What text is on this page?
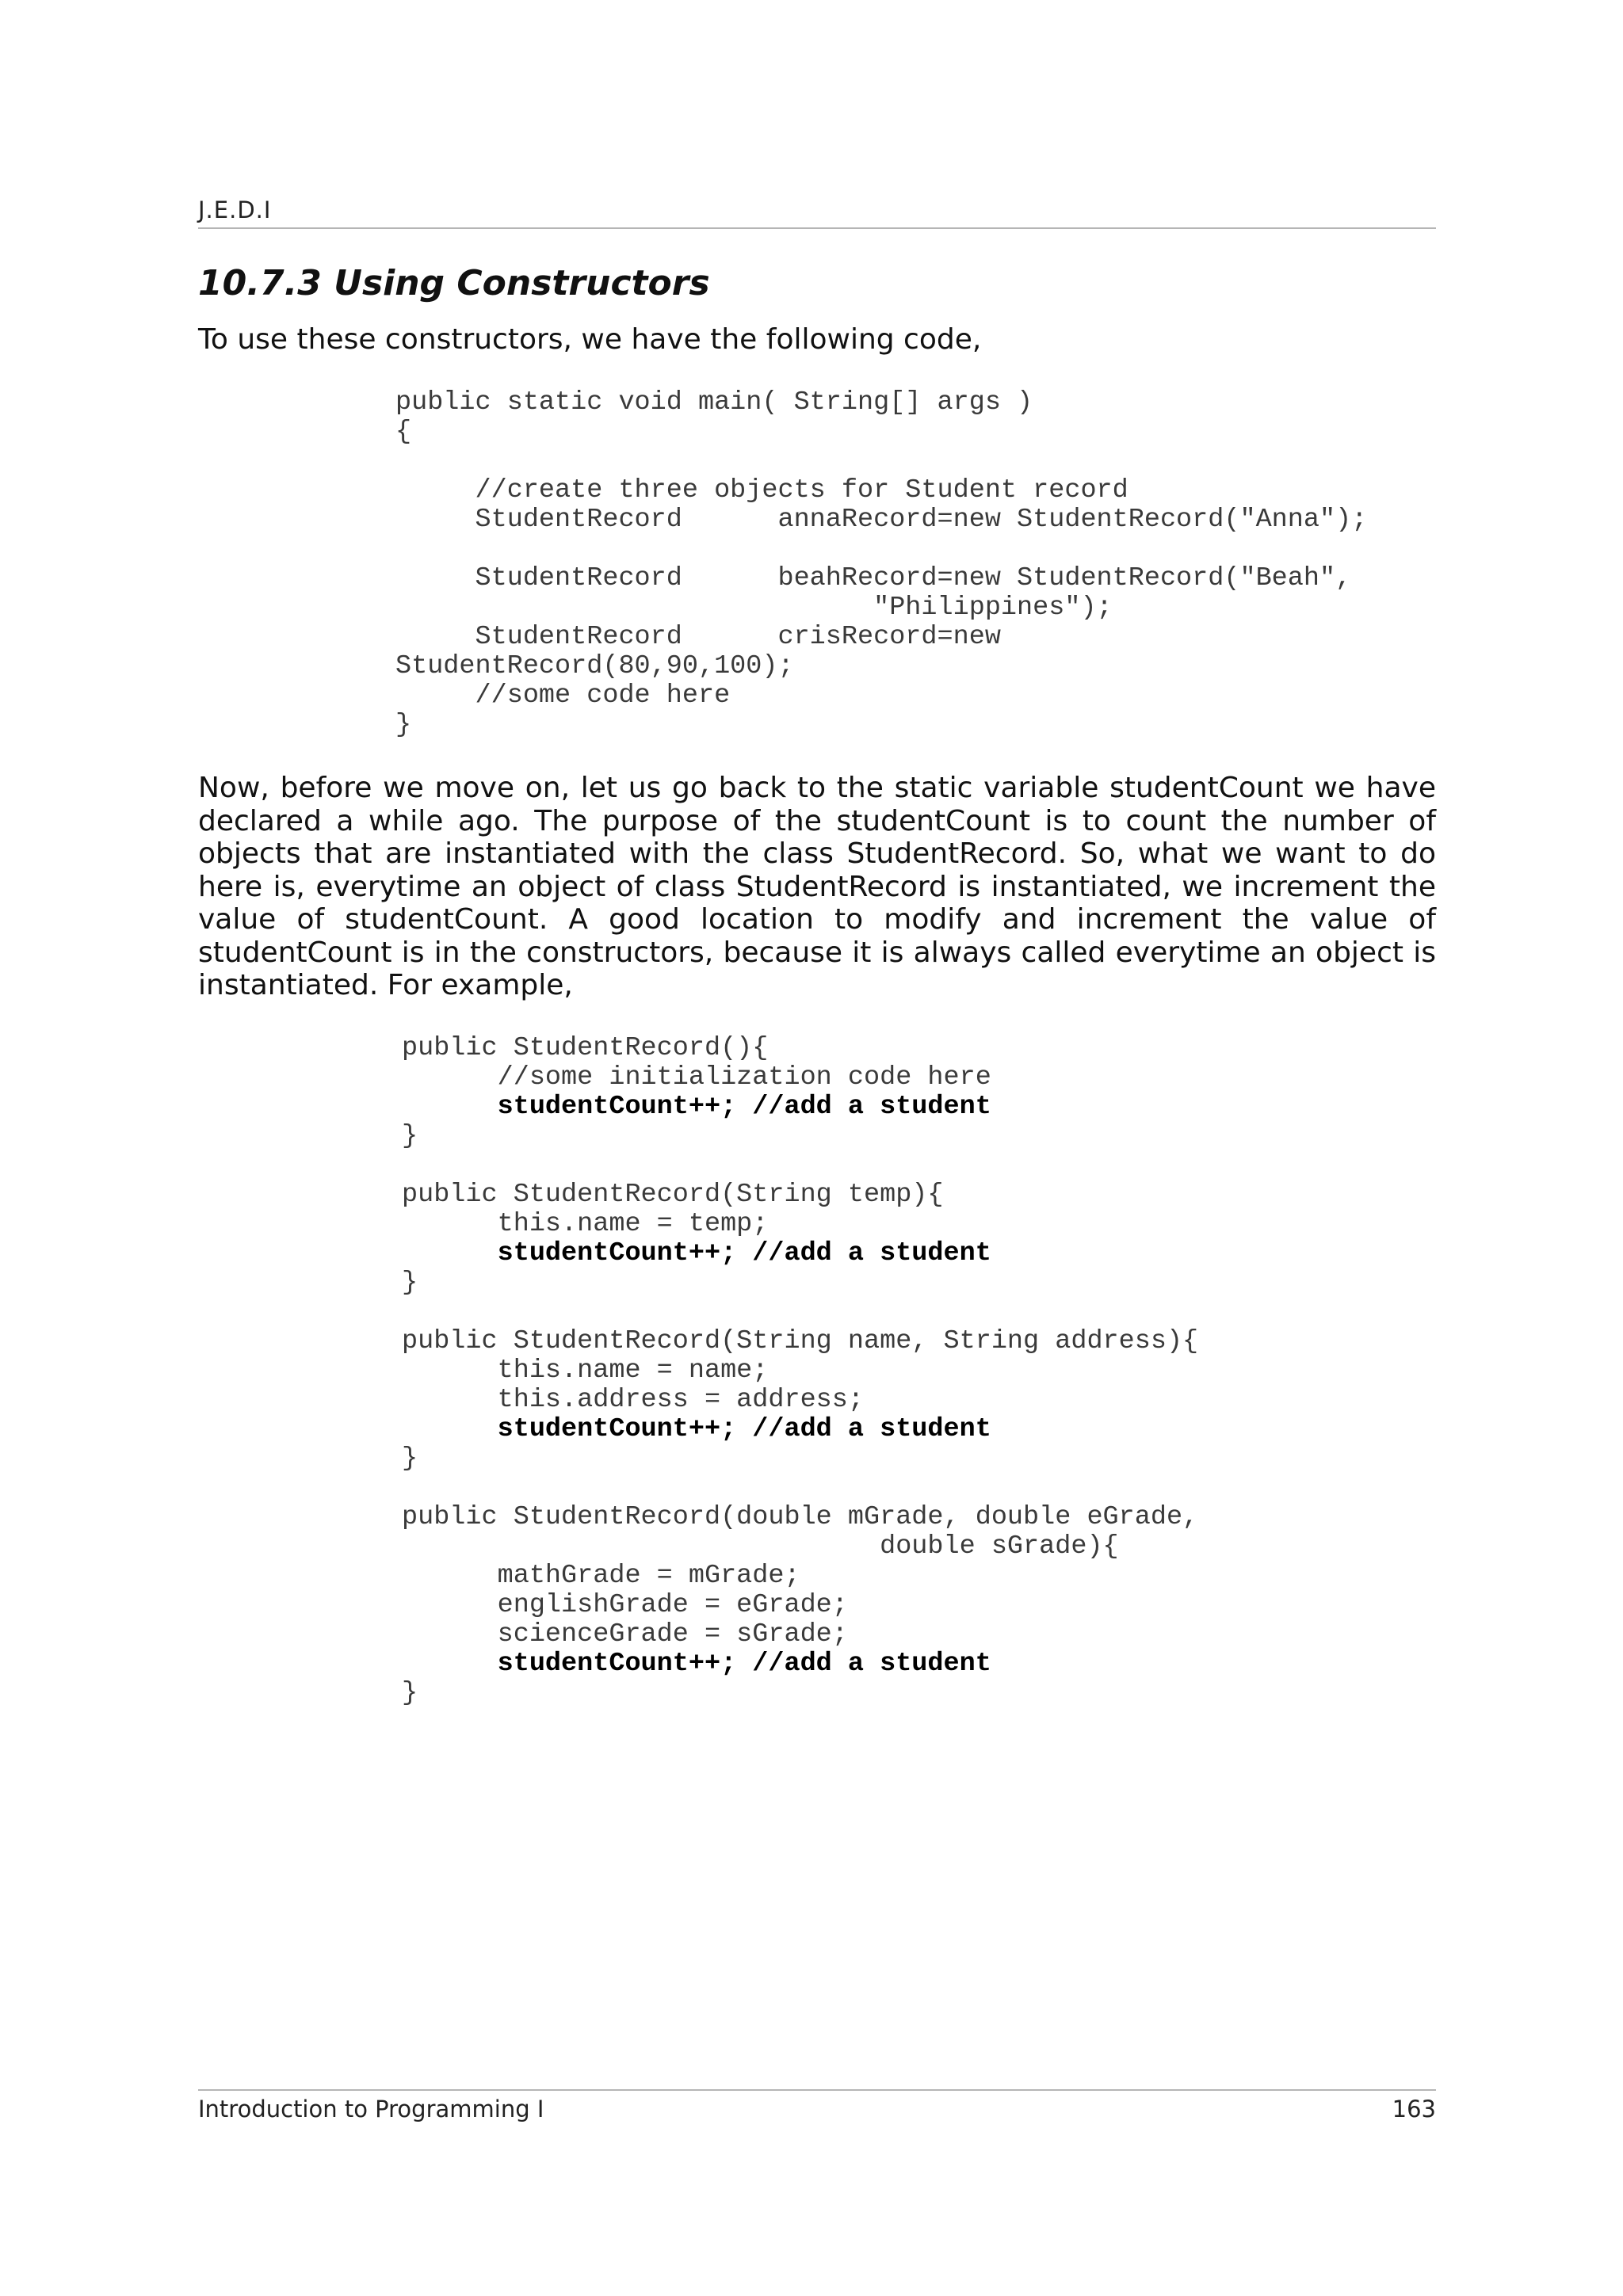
J.E.D.I
10.7.3 Using Constructors

To use these constructors, we have the following code,

public static void main( String[] args )
{
//create three objects for Student record
StudentRecord      annaRecord=new StudentRecord("Anna");
StudentRecord      beahRecord=new StudentRecord("Beah",
"Philippines");
StudentRecord      crisRecord=new
StudentRecord(80,90,100);
//some code here
}

Now, before we move on, let us go back to the static variable studentCount we have declared a while ago. The purpose of the studentCount is to count the number of objects that are instantiated with the class StudentRecord. So, what we want to do here is, everytime an object of class StudentRecord is instantiated, we increment the value of studentCount. A good location to modify and increment the value of studentCount is in the constructors, because it is always called everytime an object is instantiated. For example,

public StudentRecord(){
//some initialization code here
studentCount++; //add a student
}
public StudentRecord(String temp){
this.name = temp;
studentCount++; //add a student
}
public StudentRecord(String name, String address){
this.name = name;
this.address = address;
studentCount++; //add a student
}
public StudentRecord(double mGrade, double eGrade,
double sGrade){
mathGrade = mGrade;
englishGrade = eGrade;
scienceGrade = sGrade;
studentCount++; //add a student
}
Introduction to Programming I	163
